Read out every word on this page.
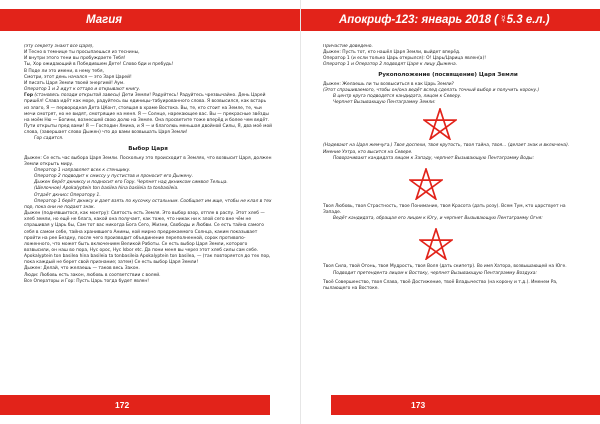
Магия

(эту секрету знают все Царя),

И Тесно в темнице ты просыпаешься из теснины,

И внутри этого тени вы пробуждаете Тебя!

Ты, Хор ожидающий в Победившем Дете! Слово бди и пребудь!

В Поде ли это имени, в нему тебя,

Смотри, этот день начался — это Заря Царей!

И писать Царя Земли твоей энергией! Аум.

Оператор 1 и 2 идут к оттаро и открывают книгу.

Гор (становясь позади открытой завесы) Дети Земли! Радуйтесь! Радуйтесь чрезвычайно. День Царей пришёл! Слава идёт как море, радуйтесь вы единицы-табуированного слова. Я возвысился, как встарь из злаго, Я — первородная Дета ЦКонт, стоящая в храме Востока. Вы, те, кто стоит на Земле, те, чьи мечи смотрят, но не видят, смотрящие на меня. Я — Солнце, нарекающее вас. Вы — прекрасные звёзды на моём Ню — Богини, вознесшей свою долю на Земле. Она просветите тоже вперёд и более чем ведёт. Пути открыты пред вами! Я — Господин Хмина, и Я — и благолюь меньшая двойной Силы, Я, два моё мой слова, (завершает слово Дыжен) что до вами возвышать Царя Земли!

Гор садится.

Выбор Царя

Дыжен: Се есть час выбора Царя Земли. Поскольку это происходит в Землях, что возвысит Царя, должен Земли открыть миру.

Оператор 1 направляет всех к стенщику.

Оператор 2 подводит к смиссу у пустистов и проносит его Дыжену.

Дыжен берёт дкниксу и подносит его Гору. Черпнет над дкниксом символ Тельца.

(Шелочное) Apokalyptein ton basilea hina basileia ta tonbasileia.

Отдаёт дкнисс Оператору 1.

Оператор 1 берёт дкнису и дает взять по кусочку остальным. Сообщает им ище, чтобы не клал в тех пор, пока они не подают знак.

Дыжен (поднявшитося, как монтру): Святость есть Земля. Это выбор взор, отпле в распу. Этот хлеб — хлеб земли, но ещё не блага, какой она получает, как тоже, что никак ни к злой сего вне чём не спрашивая у Царь бы, Сам тот вас никогда Бога Сего, Жизни, Свободы и Любви. Се есть тайна самого себя в самом себе, тайна хранившего Анимы, кой мирно предрекаемого Солнца, каким показывает пройти на рее Бездну, после чего производит объединение переполненной, сорок противопо-ложенного, что может быть включением Великой Работы. Се есть выбор Царя Земли, которого возвысили, он наш во пора, Нус орос, Нус Isbor etc. Да пони меня вы через этот хлеб силы сам себе. Apokalyptein ton basilea hina basileia ta tonbasileia Apokalyptein ton basilea, — (так повторяется до тех пор, пока каждый не берет свой признание; затем) Се есть выбор Царя Земли!

Дыжен: Делай, что желаешь — таков весь Закон.

Люди: Любовь есть закон, любовь в соответствии с волей.

Все Операторы и Гор: Пусть Царь тогда будет явлен!

172
Апокриф-123: январь 2018 (☿5.3 е.л.)

Причастие доведено.

Дыжен: Пусть тот, кто нашёл Царя Земли, выйдет вперёд.

Оператор 1 (и если только Царь открылся): О! Царь/Царица явлен(а)!

Оператор 1 и Оператор 2 подводят Царя к лицу Дыжена.

Рукоположение (посвящение) Царя Земли

Дыжен: Желаешь ли ты возвыситься в как Царь Земли?

(Этот спрашиваемого, чтобы он/она ведёт вслед сделать точный выбор и получить корону.)

В центр круга подводятся кандидата, лицом к Северу.

Черпнет Вызывающую Пентаграмму Земли:

(Надевают на Царя жемчуга.) Твоя доспехи, твоя крутость, твоя тайна, твоя... (делает знак и включена). Имение Уэтра, кто высится на Севере.

Поворачивают кандидата лицом к Западу, черпнет Вызывающую Пентаграмму Воды:

Твоя Любовь, твоя Страстность, твое Понимание, твоя Красота (дать розу). Всем Тум, кто царствует на Западе.

Ведёт кандидата, обращая его лицом к Югу, и черпнет Вызывающую Пентаграмму Огня:

Твоя Сила, твой Огонь, твоя Мудрость, твоя Воля (дать скипетр). Во имя Хатора, возвышающей на Юге.

Подводит претендента лицом к Востоку, черпнет Вызывающую Пентаграмму Воздуха:

Твоё Совершенство, твоя Слава, твоё Достижение, твоё Владычество (на корону и т.д.). Именем Ра, пылающего на Востоке.

173
